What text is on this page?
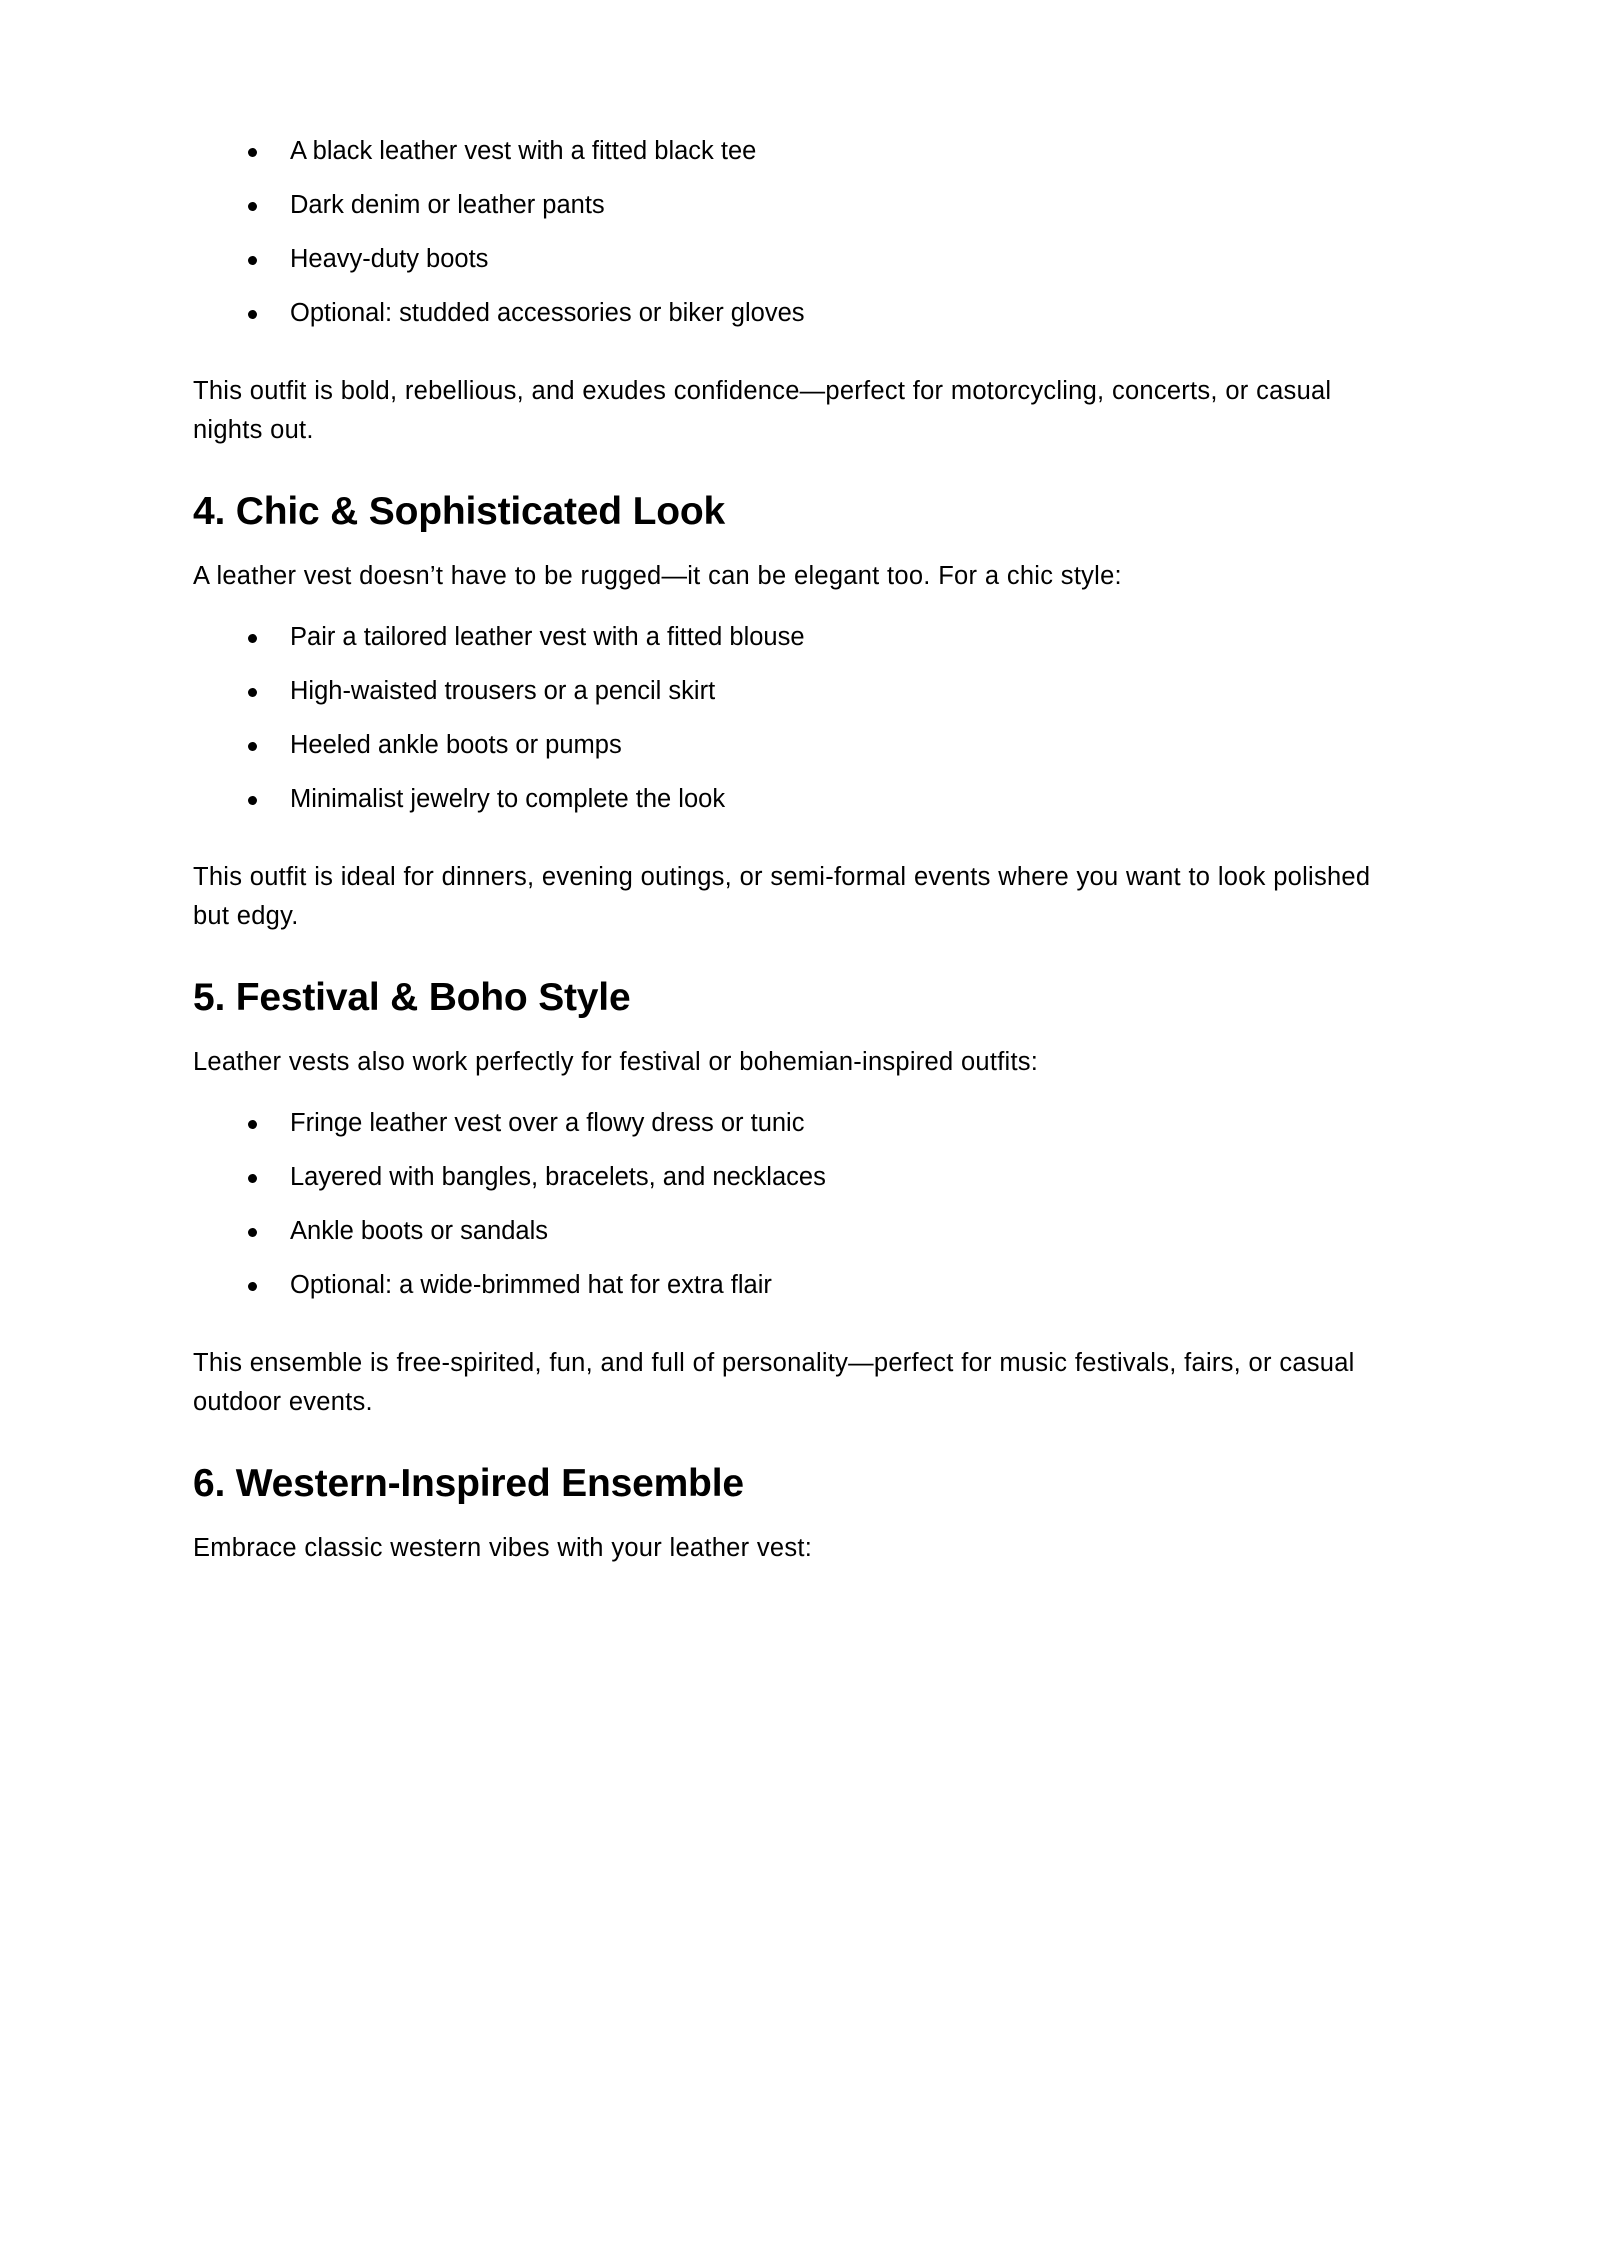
A black leather vest with a fitted black tee
Dark denim or leather pants
Heavy-duty boots
Optional: studded accessories or biker gloves

This outfit is bold, rebellious, and exudes confidence—perfect for motorcycling, concerts, or casual nights out.

4. Chic & Sophisticated Look

A leather vest doesn’t have to be rugged—it can be elegant too. For a chic style:

Pair a tailored leather vest with a fitted blouse
High-waisted trousers or a pencil skirt
Heeled ankle boots or pumps
Minimalist jewelry to complete the look

This outfit is ideal for dinners, evening outings, or semi-formal events where you want to look polished but edgy.

5. Festival & Boho Style

Leather vests also work perfectly for festival or bohemian-inspired outfits:

Fringe leather vest over a flowy dress or tunic
Layered with bangles, bracelets, and necklaces
Ankle boots or sandals
Optional: a wide-brimmed hat for extra flair

This ensemble is free-spirited, fun, and full of personality—perfect for music festivals, fairs, or casual outdoor events.

6. Western-Inspired Ensemble

Embrace classic western vibes with your leather vest:
